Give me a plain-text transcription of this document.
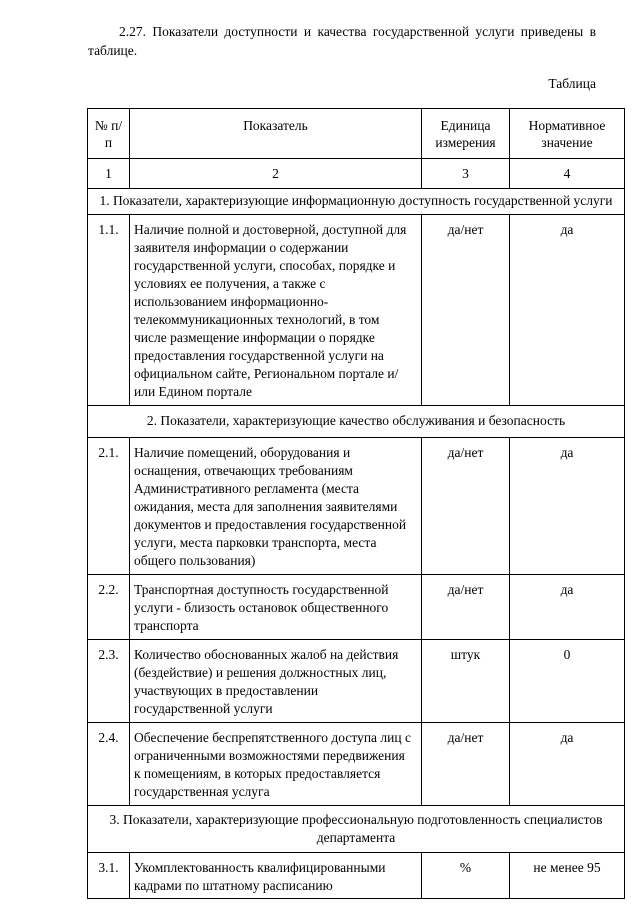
2.27. Показатели доступности и качества государственной услуги приведены в таблице.
Таблица
№ п/п	Показатель	Единица измерения	Нормативное значение
1	2	3	4
1. Показатели, характеризующие информационную доступность государственной услуги			
1.1.	Наличие полной и достоверной, доступной для заявителя информации о содержании государственной услуги, способах, порядке и условиях ее получения, а также с использованием информационно-телекоммуникационных технологий, в том числе размещение информации о порядке предоставления государственной услуги на официальном сайте, Региональном портале и/или Едином портале	да/нет	да
2. Показатели, характеризующие качество обслуживания и безопасность			
2.1.	Наличие помещений, оборудования и оснащения, отвечающих требованиям Административного регламента (места ожидания, места для заполнения заявителями документов и предоставления государственной услуги, места парковки транспорта, места общего пользования)	да/нет	да
2.2.	Транспортная доступность государственной услуги - близость остановок общественного транспорта	да/нет	да
2.3.	Количество обоснованных жалоб на действия (бездействие) и решения должностных лиц, участвующих в предоставлении государственной услуги	штук	0
2.4.	Обеспечение беспрепятственного доступа лиц с ограниченными возможностями передвижения к помещениям, в которых предоставляется государственная услуга	да/нет	да
3. Показатели, характеризующие профессиональную подготовленность специалистов департамента			
3.1.	Укомплектованность квалифицированными кадрами по штатному расписанию	%	не менее 95
